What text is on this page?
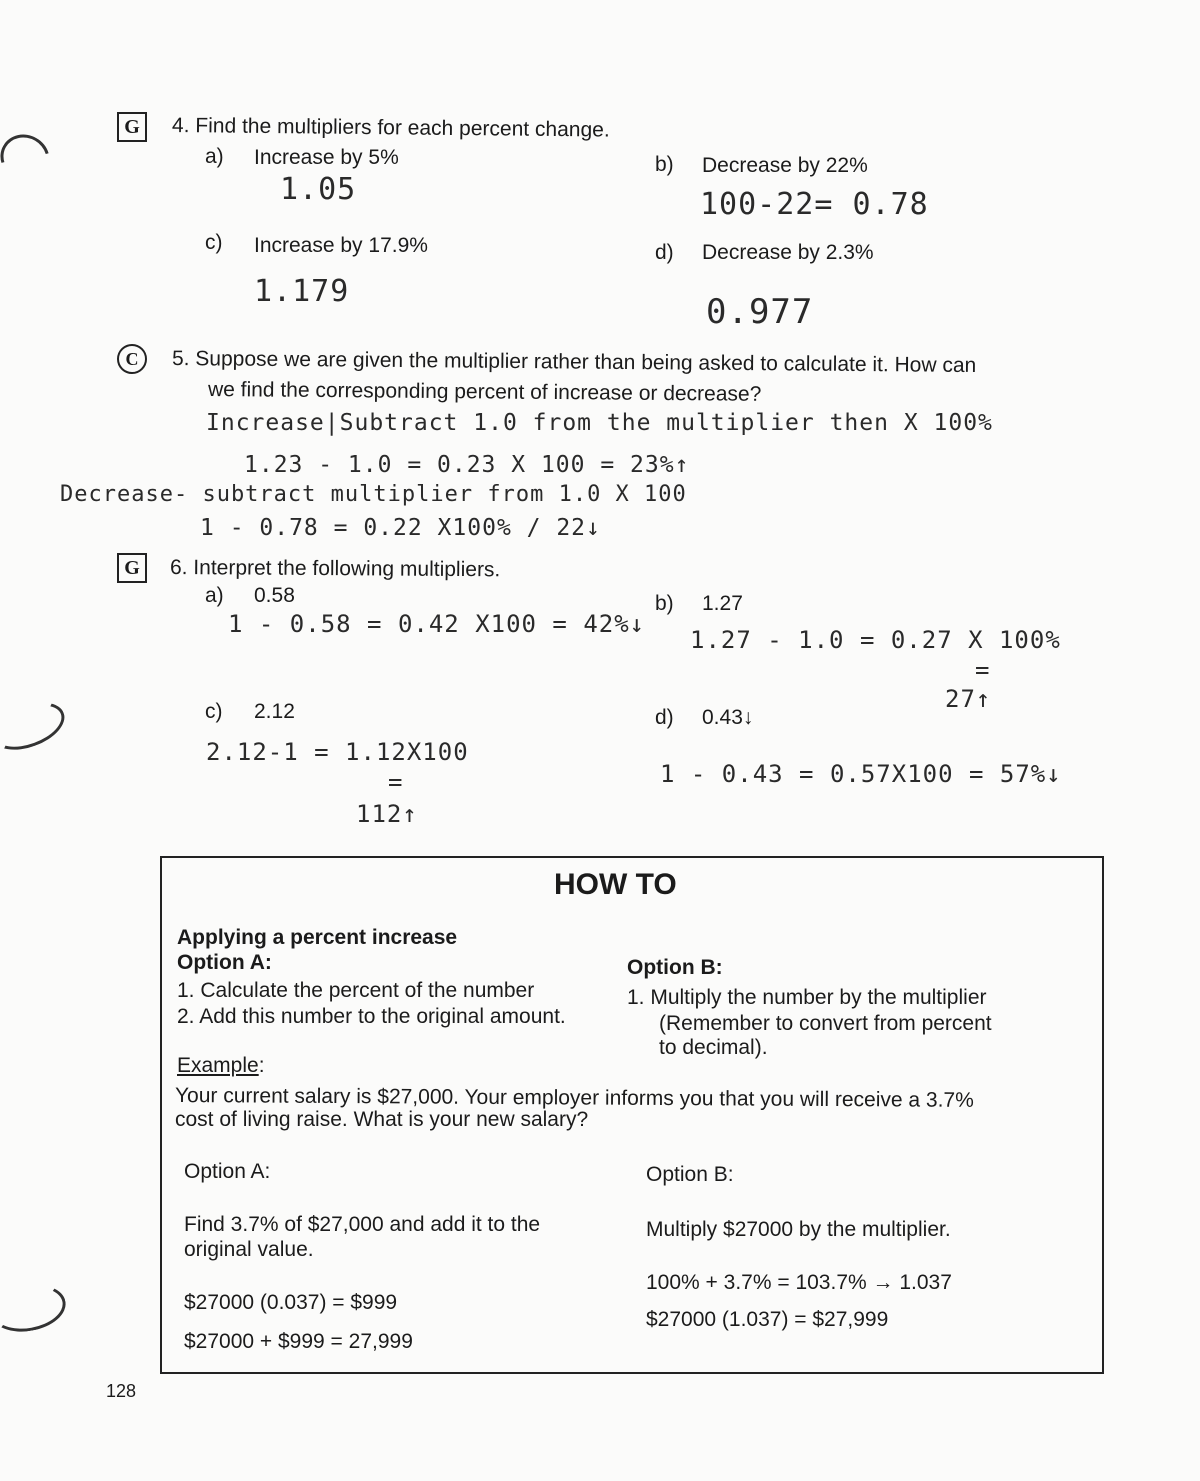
G	4. Find the multipliers for each percent change.
a) Increase by 5%
1.05
b) Decrease by 22%
100-22= 0.78
c) Increase by 17.9%
1.179
d) Decrease by 2.3%
0.977
C	5. Suppose we are given the multiplier rather than being asked to calculate it. How can
we find the corresponding percent of increase or decrease?
Increase|Subtract 1.0 from the multiplier then X 100%
1.23 - 1.0 = 0.23 X 100 = 23%↑
Decrease- subtract multiplier from 1.0 X 100
1 - 0.78 = 0.22 X100% / 22↓
G	6. Interpret the following multipliers.
a) 0.58
1 - 0.58 = 0.42 X100 = 42%↓
b) 1.27
1.27 - 1.0 = 0.27 X 100%
=
27↑
c) 2.12
2.12-1 = 1.12X100
=
112↑
d) 0.43↓
1 - 0.43 = 0.57X100 = 57%↓
HOW TO
Applying a percent increase
Option A:
1. Calculate the percent of the number
2. Add this number to the original amount.
Option B:
1. Multiply the number by the multiplier
(Remember to convert from percent
to decimal).
Example:
Your current salary is $27,000. Your employer informs you that you will receive a 3.7%
cost of living raise. What is your new salary?
Option A:
Find 3.7% of $27,000 and add it to the
original value.
$27000 (0.037) = $999
$27000 + $999 = 27,999
Option B:
Multiply $27000 by the multiplier.
100% + 3.7% = 103.7% → 1.037
$27000 (1.037) = $27,999
128
